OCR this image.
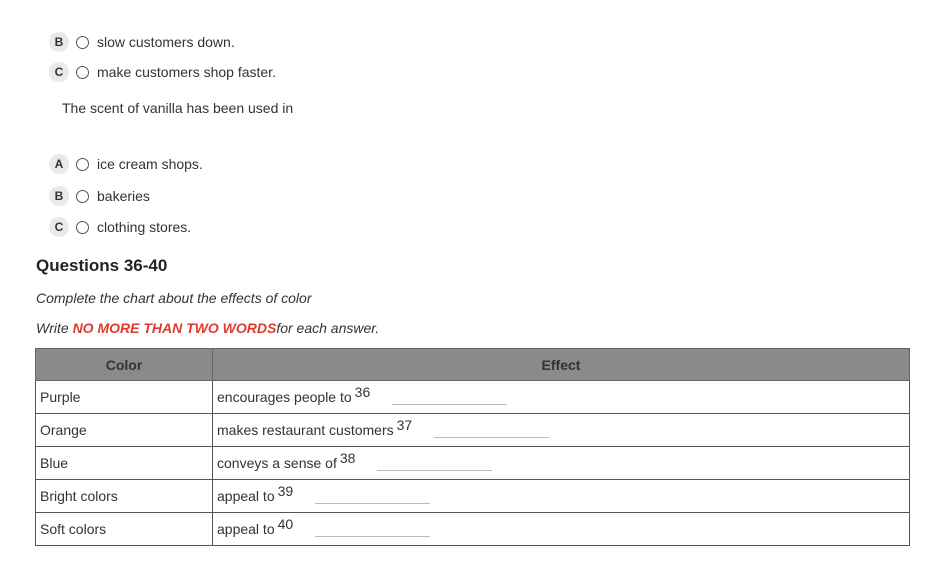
B	slow customers down.
C	make customers shop faster.
The scent of vanilla has been used in
A	ice cream shops.
B	bakeries
C	clothing stores.
Questions 36-40
Complete the chart about the effects of color
Write NO MORE THAN TWO WORDSfor each answer.
Color	Effect
Purple	encourages people to 36
Orange	makes restaurant customers 37
Blue	conveys a sense of 38
Bright colors	appeal to 39
Soft colors	appeal to 40
